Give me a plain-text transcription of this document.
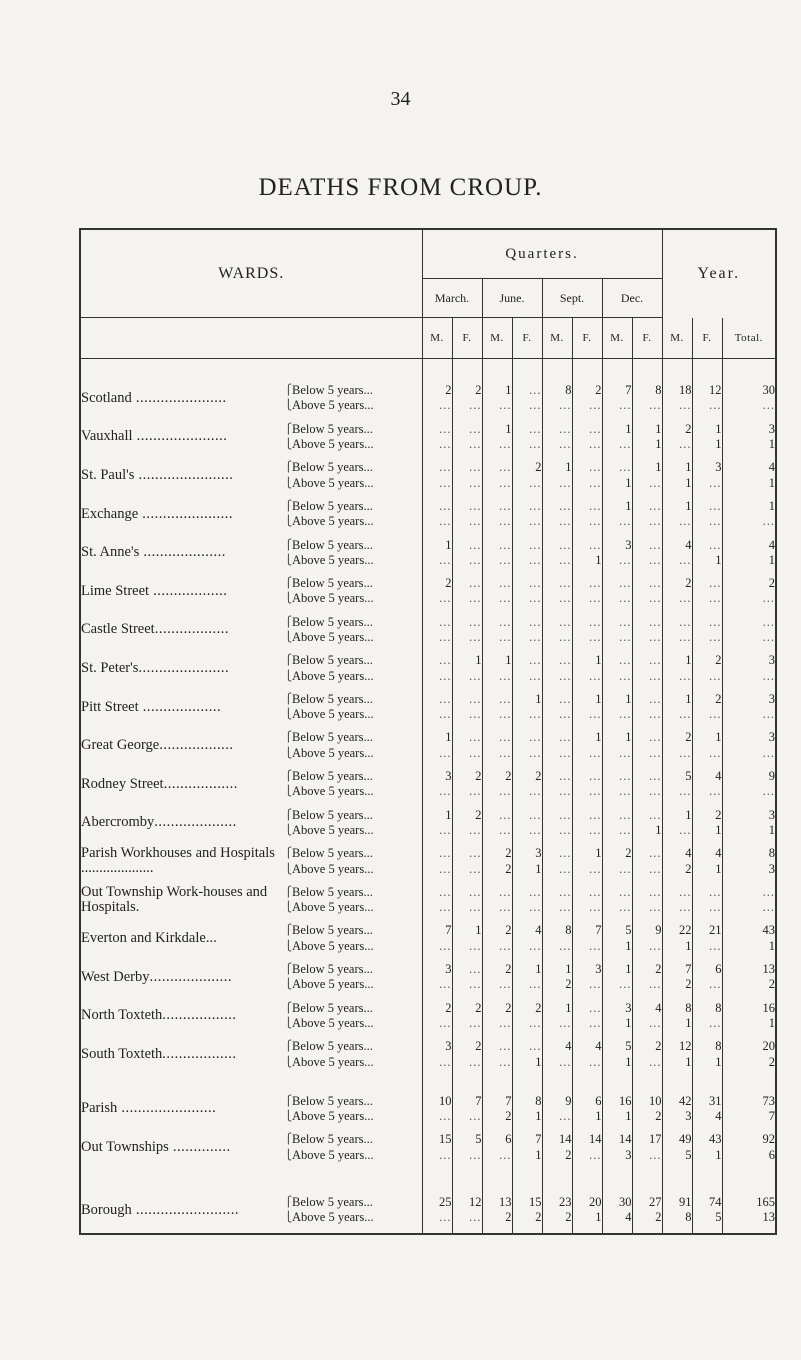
34
DEATHS FROM CROUP.
WARDS.			Quarters.								Year.		
			March.		June.		Sept.		Dec.				
			M.	F.	M.	F.	M.	F.	M.	F.	M.	F.	Total.

Scotland ......................	⎧	Below 5 years...	2	2	1	...	8	2	7	8	18	12	30
	⎩	Above 5 years...	...	...	...	...	...	...	...	...	...	...	...

Vauxhall ......................	⎧	Below 5 years...	...	...	1	...	...	...	1	1	2	1	3
	⎩	Above 5 years...	...	...	...	...	...	...	...	1	...	1	1

St. Paul's .......................	⎧	Below 5 years...	...	...	...	2	1	...	...	1	1	3	4
	⎩	Above 5 years...	...	...	...	...	...	...	1	...	1	...	1

Exchange ......................	⎧	Below 5 years...	...	...	...	...	...	...	1	...	1	...	1
	⎩	Above 5 years...	...	...	...	...	...	...	...	...	...	...	...

St. Anne's ....................	⎧	Below 5 years...	1	...	...	...	...	...	3	...	4	...	4
	⎩	Above 5 years...	...	...	...	...	...	1	...	...	...	1	1

Lime Street ..................	⎧	Below 5 years...	2	...	...	...	...	...	...	...	2	...	2
	⎩	Above 5 years...	...	...	...	...	...	...	...	...	...	...	...

Castle Street..................	⎧	Below 5 years...	...	...	...	...	...	...	...	...	...	...	...
	⎩	Above 5 years...	...	...	...	...	...	...	...	...	...	...	...

St. Peter's......................	⎧	Below 5 years...	...	1	1	...	...	1	...	...	1	2	3
	⎩	Above 5 years...	...	...	...	...	...	...	...	...	...	...	...

Pitt Street ...................	⎧	Below 5 years...	...	...	...	1	...	1	1	...	1	2	3
	⎩	Above 5 years...	...	...	...	...	...	...	...	...	...	...	...

Great George..................	⎧	Below 5 years...	1	...	...	...	...	1	1	...	2	1	3
	⎩	Above 5 years...	...	...	...	...	...	...	...	...	...	...	...

Rodney Street..................	⎧	Below 5 years...	3	2	2	2	...	...	...	...	5	4	9
	⎩	Above 5 years...	...	...	...	...	...	...	...	...	...	...	...

Abercromby....................	⎧	Below 5 years...	1	2	...	...	...	...	...	...	1	2	3
	⎩	Above 5 years...	...	...	...	...	...	...	...	1	...	1	1

Parish Workhouses and Hospitals ....................	⎧	Below 5 years...	...	...	2	3	...	1	2	...	4	4	8
	⎩	Above 5 years...	...	...	2	1	...	...	...	...	2	1	3

Out Township Work-houses and Hospitals.	⎧	Below 5 years...	...	...	...	...	...	...	...	...	...	...	...
	⎩	Above 5 years...	...	...	...	...	...	...	...	...	...	...	...

Everton and Kirkdale...	⎧	Below 5 years...	7	1	2	4	8	7	5	9	22	21	43
	⎩	Above 5 years...	...	...	...	...	...	...	1	...	1	...	1

West Derby....................	⎧	Below 5 years...	3	...	2	1	1	3	1	2	7	6	13
	⎩	Above 5 years...	...	...	...	...	2	...	...	...	2	...	2

North Toxteth..................	⎧	Below 5 years...	2	2	2	2	1	...	3	4	8	8	16
	⎩	Above 5 years...	...	...	...	...	...	...	1	...	1	...	1

South Toxteth..................	⎧	Below 5 years...	3	2	...	...	4	4	5	2	12	8	20
	⎩	Above 5 years...	...	...	...	1	...	...	1	...	1	1	2

Parish .......................	⎧	Below 5 years...	10	7	7	8	9	6	16	10	42	31	73
	⎩	Above 5 years...	...	...	2	1	...	1	1	2	3	4	7

Out Townships ..............	⎧	Below 5 years...	15	5	6	7	14	14	14	17	49	43	92
	⎩	Above 5 years...	...	...	...	1	2	...	3	...	5	1	6

Borough .........................	⎧	Below 5 years...	25	12	13	15	23	20	30	27	91	74	165
	⎩	Above 5 years...	...	...	2	2	2	1	4	2	8	5	13
